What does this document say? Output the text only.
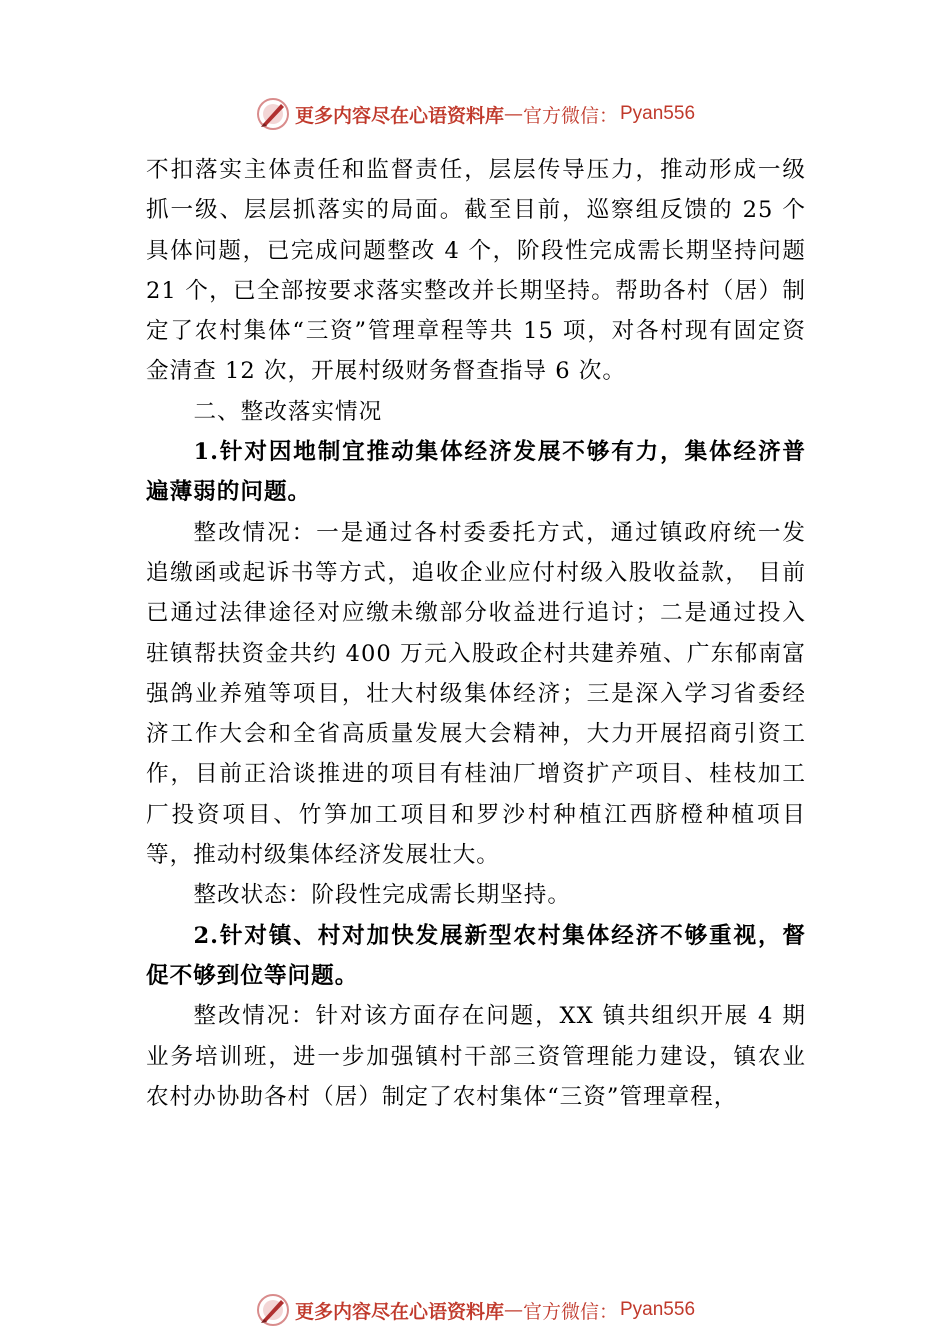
更多内容尽在心语资料库 — 官方微信： Pyan556

不扣落实主体责任和监督责任，层层传导压力，推动形成一级抓一级、层层抓落实的局面。截至目前，巡察组反馈的 25 个具体问题，已完成问题整改 4 个，阶段性完成需长期坚持问题 21 个，已全部按要求落实整改并长期坚持。帮助各村（居）制定了农村集体“三资”管理章程等共 15 项，对各村现有固定资金清查 12 次，开展村级财务督查指导 6 次。

二、整改落实情况

1.针对因地制宜推动集体经济发展不够有力，集体经济普遍薄弱的问题。

整改情况：一是通过各村委委托方式，通过镇政府统一发追缴函或起诉书等方式，追收企业应付村级入股收益款， 目前已通过法律途径对应缴未缴部分收益进行追讨；二是通过投入驻镇帮扶资金共约 400 万元入股政企村共建养殖、广东郁南富强鸽业养殖等项目，壮大村级集体经济；三是深入学习省委经济工作大会和全省高质量发展大会精神，大力开展招商引资工作，目前正洽谈推进的项目有桂油厂增资扩产项目、桂枝加工厂投资项目、竹笋加工项目和罗沙村种植江西脐橙种植项目等，推动村级集体经济发展壮大。

整改状态：阶段性完成需长期坚持。

2.针对镇、村对加快发展新型农村集体经济不够重视，督促不够到位等问题。

整改情况：针对该方面存在问题，XX 镇共组织开展 4 期业务培训班，进一步加强镇村干部三资管理能力建设，镇农业农村办协助各村（居）制定了农村集体“三资”管理章程，

更多内容尽在心语资料库 — 官方微信： Pyan556
